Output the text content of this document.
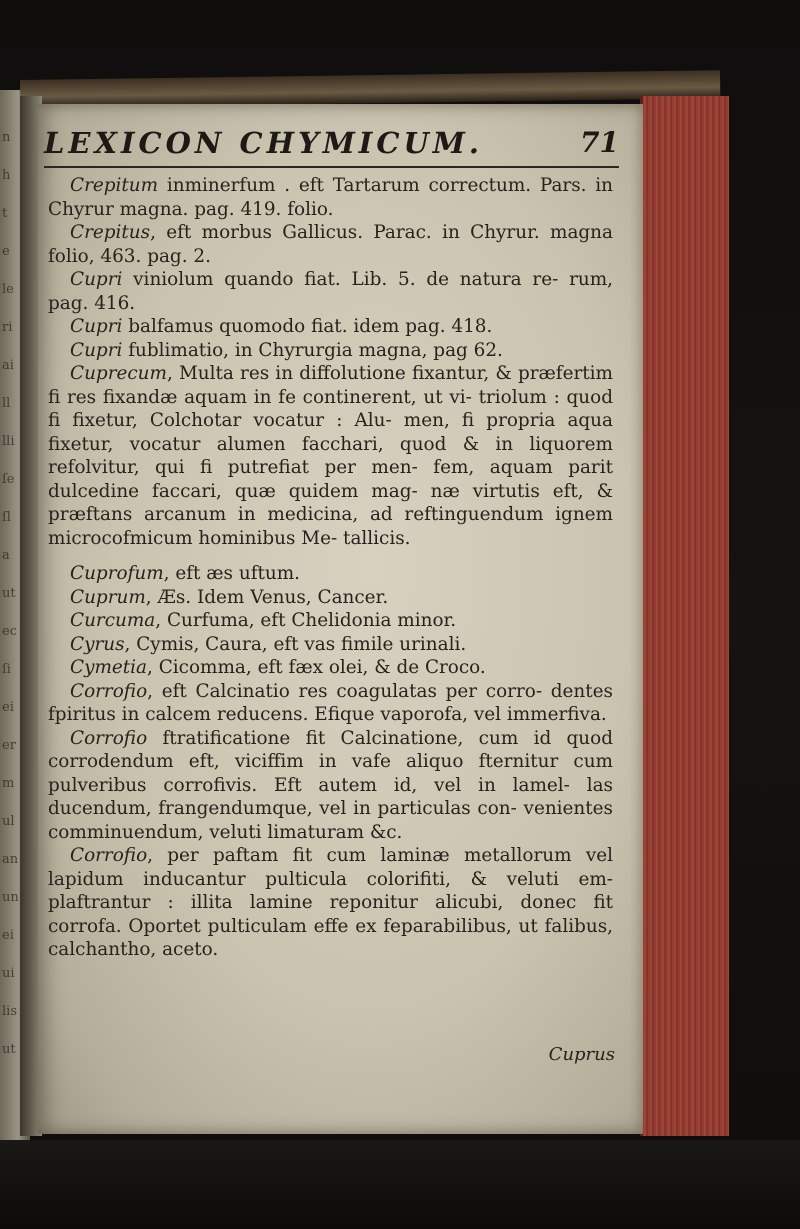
n
h
t
e
le
ri
ai
ll
lli
ſe
ſl
a
ut
ec
ſi
ei
er
m
ul
an
un
ei
ui
lis
ut
LEXICON CHYMICUM.	71

Crepitum inminerfum . eft Tartarum correctum. Pars. in Chyrur magna. pag. 419. folio.

Crepitus, eft morbus Gallicus. Parac. in Chyrur. magna folio, 463. pag. 2.

Cupri viniolum quando fiat. Lib. 5. de natura re- rum, pag. 416.

Cupri balfamus quomodo fiat. idem pag. 418.

Cupri fublimatio, in Chyrurgia magna, pag 62.

Cuprecum, Multa res in diffolutione fixantur, & præfertim fi res fixandæ aquam in fe continerent, ut vi- triolum : quod fi fixetur, Colchotar vocatur : Alu- men, fi propria aqua fixetur, vocatur alumen facchari, quod & in liquorem refolvitur, qui fi putrefiat per men- fem, aquam parit dulcedine faccari, quæ quidem mag- næ virtutis eft, & præftans arcanum in medicina, ad reftinguendum ignem microcofmicum hominibus Me- tallicis.

Cuprofum, eft æs uftum.

Cuprum, Æs. Idem Venus, Cancer.

Curcuma, Curfuma, eft Chelidonia minor.

Cyrus, Cymis, Caura, eft vas fimile urinali.

Cymetia, Cicomma, eft fæx olei, & de Croco.

Corrofio, eft Calcinatio res coagulatas per corro- dentes fpiritus in calcem reducens. Efique vaporofa, vel immerfiva.

Corrofio ftratificatione fit Calcinatione, cum id quod corrodendum eft, viciffim in vafe aliquo fternitur cum pulveribus corrofivis. Eft autem id, vel in lamel- las ducendum, frangendumque, vel in particulas con- venientes comminuendum, veluti limaturam &c.

Corrofio, per paftam fit cum laminæ metallorum vel lapidum inducantur pulticula colorifiti, & veluti em- plaftrantur : illita lamine reponitur alicubi, donec fit corrofa. Oportet pulticulam effe ex feparabilibus, ut falibus, calchantho, aceto.

Cuprus
